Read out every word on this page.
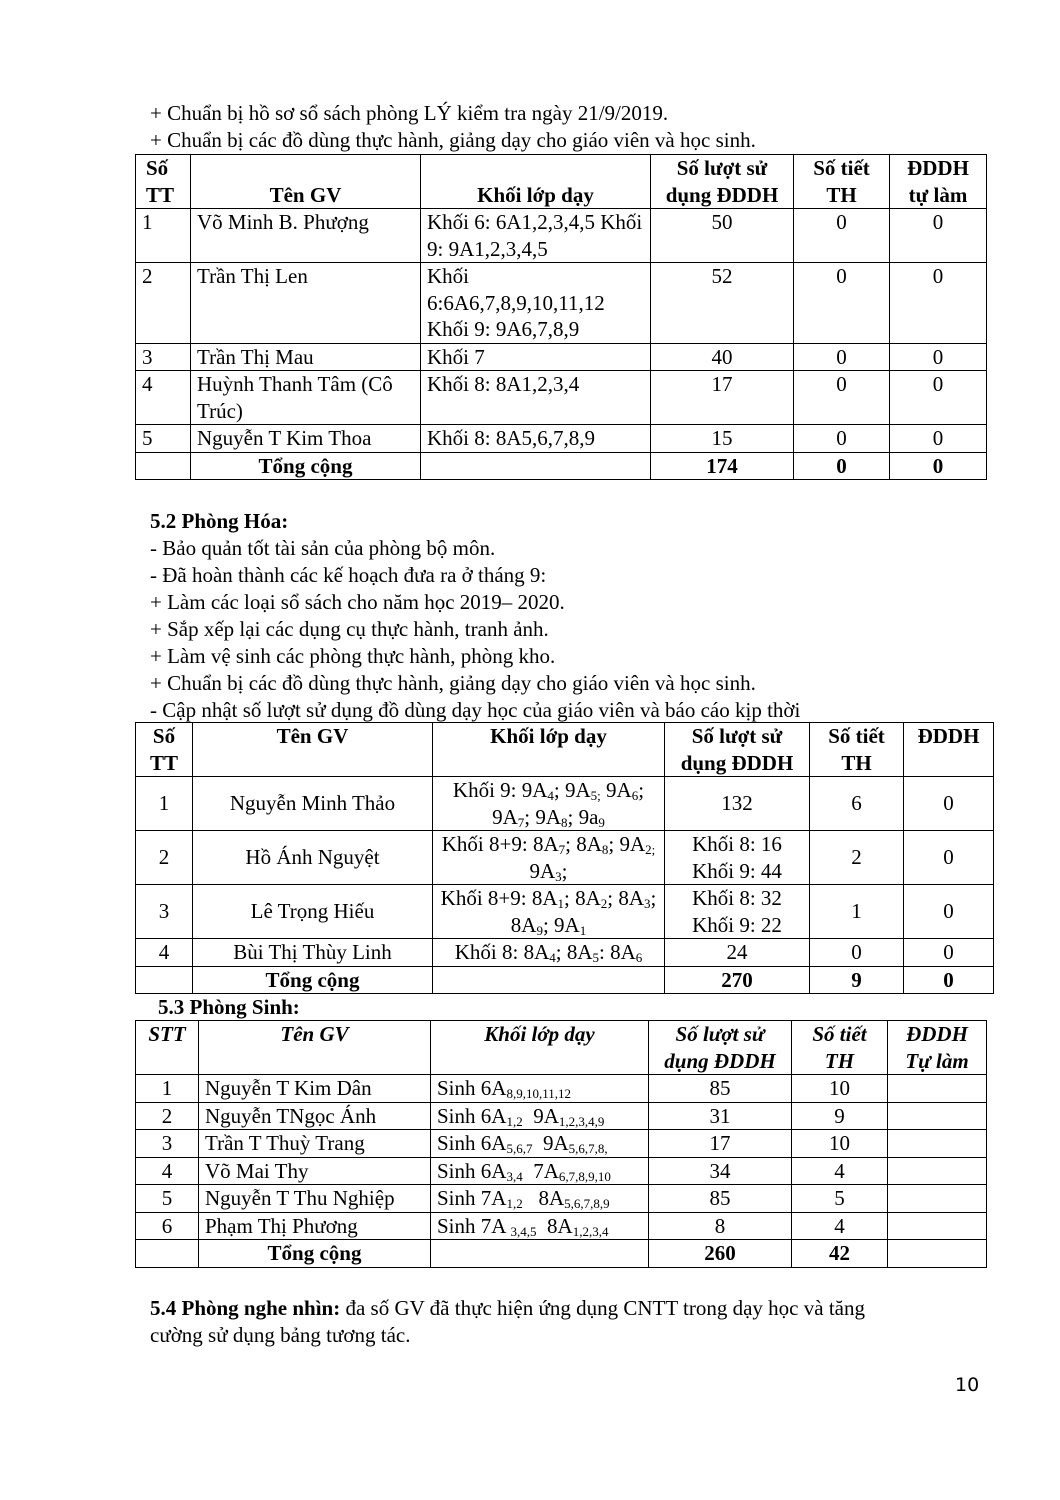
+ Chuẩn bị hồ sơ sổ sách phòng LÝ kiểm tra ngày 21/9/2019.
+ Chuẩn bị các đồ dùng thực hành, giảng dạy cho giáo viên và học sinh.
Số TT	Tên GV	Khối lớp dạy	Số lượt sử dụng ĐDDH	Số tiết TH	ĐDDH tự làm
1	Võ Minh B. Phượng	Khối 6: 6A1,2,3,4,5 Khối 9: 9A1,2,3,4,5	50	0	0
2	Trần Thị Len	Khối 6:6A6,7,8,9,10,11,12 Khối 9: 9A6,7,8,9	52	0	0
3	Trần Thị Mau	Khối 7	40	0	0
4	Huỳnh Thanh Tâm (Cô Trúc)	Khối 8: 8A1,2,3,4	17	0	0
5	Nguyễn T Kim Thoa	Khối 8: 8A5,6,7,8,9	15	0	0
	Tổng cộng		174	0	0
5.2 Phòng Hóa:
- Bảo quản tốt tài sản của phòng bộ môn.
- Đã hoàn thành các kế hoạch đưa ra ở tháng 9:
+ Làm các loại sổ sách cho năm học 2019– 2020.
+ Sắp xếp lại các dụng cụ thực hành, tranh ảnh.
+ Làm vệ sinh các phòng thực hành, phòng kho.
+ Chuẩn bị các đồ dùng thực hành, giảng dạy cho giáo viên và học sinh.
- Cập nhật số lượt sử dụng đồ dùng dạy học của giáo viên và báo cáo kịp thời
Số TT	Tên GV	Khối lớp dạy	Số lượt sử dụng ĐDDH	Số tiết TH	ĐDDH
1	Nguyễn Minh Thảo	Khối 9: $9A_4$; $9A_{5;}$ $9A_6$; $9A_7$; $9A_8$; $9a_9$	132	6	0
2	Hồ Ánh Nguyệt	Khối 8+9: $8A_7$; $8A_8$; $9A_{2;}$ $9A_3$;	Khối 8: 16 Khối 9: 44	2	0
3	Lê Trọng Hiếu	Khối 8+9: $8A_1$; $8A_2$; $8A_3$; $8A_9$; $9A_1$	Khối 8: 32 Khối 9: 22	1	0
4	Bùi Thị Thùy Linh	Khối 8: $8A_4$; $8A_5$: $8A_6$	24	0	0
	Tổng cộng		270	9	0
5.3 Phòng Sinh:
STT	Tên GV	Khối lớp dạy	Số lượt sử dụng ĐDDH	Số tiết TH	ĐDDH Tự làm
1	Nguyễn T Kim Dân	Sinh $6A_{8,9,10,11,12}$	85	10	
2	Nguyễn TNgọc Ánh	Sinh $6A_{1,2}$  $9A_{1,2,3,4,9}$	31	9	
3	Trần T Thuỳ Trang	Sinh $6A_{5,6,7}$  $9A_{5,6,7,8,}$	17	10	
4	Võ Mai Thy	Sinh $6A_{3,4}$  $7A_{6,7,8,9,10}$	34	4	
5	Nguyễn T Thu Nghiệp	Sinh $7A_{1,2}$   $8A_{5,6,7,8,9}$	85	5	
6	Phạm Thị Phương	Sinh 7A $_{3,4,5}$  $8A_{1,2,3,4}$	8	4	
	Tổng cộng		260	42	
5.4 Phòng nghe nhìn: đa số GV đã thực hiện ứng dụng CNTT trong dạy học và tăng
cường sử dụng bảng tương tác.
10
